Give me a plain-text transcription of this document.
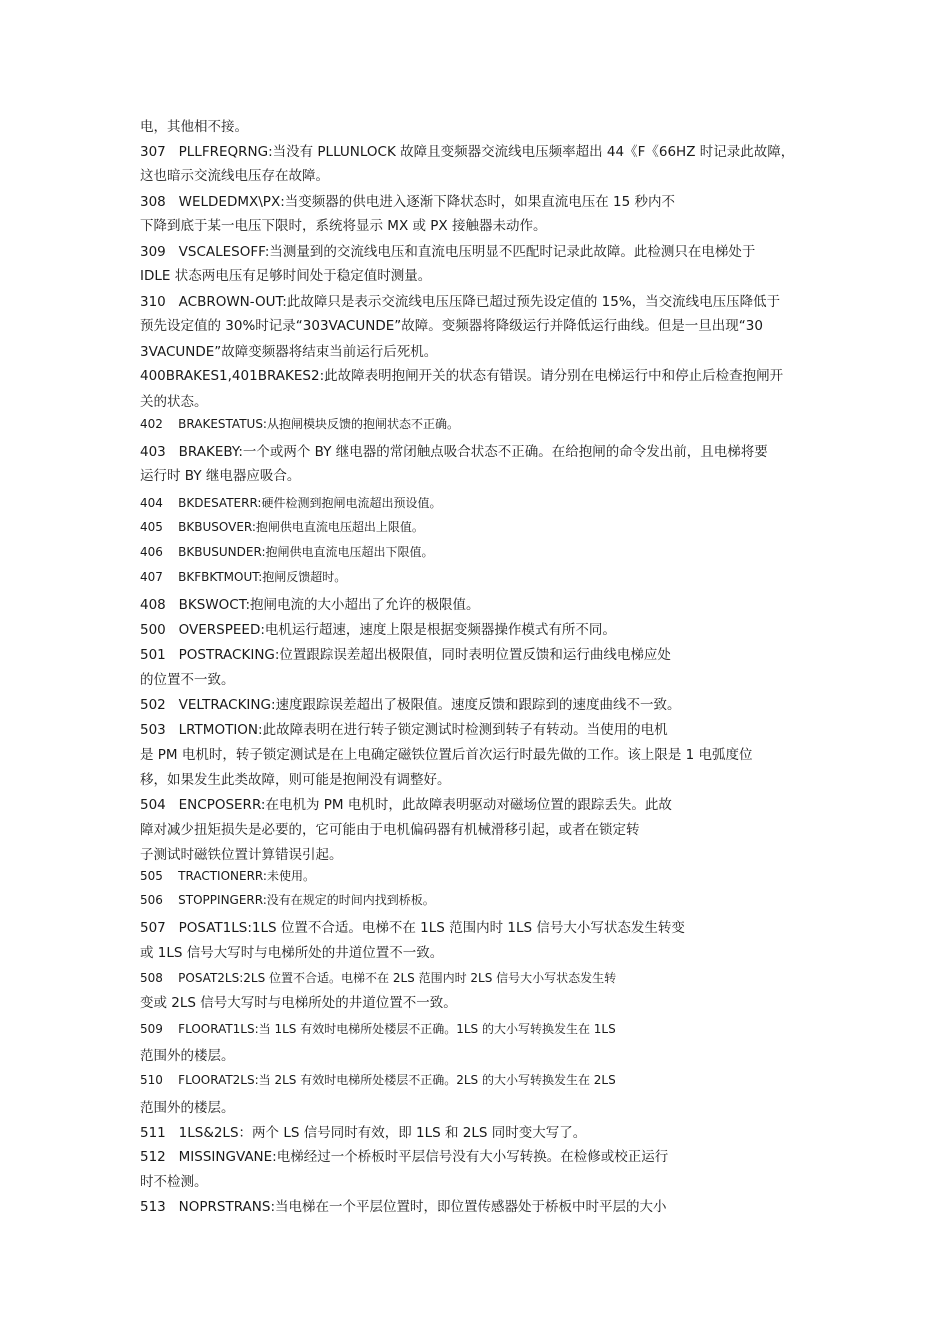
电，其他相不接。
307   PLLFREQRNG:当没有 PLLUNLOCK 故障且变频器交流线电压频率超出 44《F《66HZ 时记录此故障，
这也暗示交流线电压存在故障。
308   WELDEDMX\PX:当变频器的供电进入逐渐下降状态时，如果直流电压在 15 秒内不
下降到底于某一电压下限时，系统将显示 MX 或 PX 接触器未动作。
309   VSCALESOFF:当测量到的交流线电压和直流电压明显不匹配时记录此故障。此检测只在电梯处于
IDLE 状态两电压有足够时间处于稳定值时测量。
310   ACBROWN-OUT:此故障只是表示交流线电压压降已超过预先设定值的 15%，当交流线电压压降低于
预先设定值的 30%时记录“303VACUNDE”故障。变频器将降级运行并降低运行曲线。但是一旦出现“30
3VACUNDE”故障变频器将结束当前运行后死机。
400BRAKES1,401BRAKES2:此故障表明抱闸开关的状态有错误。请分别在电梯运行中和停止后检查抱闸开
关的状态。
402    BRAKESTATUS:从抱闸模块反馈的抱闸状态不正确。
403   BRAKEBY:一个或两个 BY 继电器的常闭触点吸合状态不正确。在给抱闸的命令发出前，且电梯将要
运行时 BY 继电器应吸合。
404    BKDESATERR:硬件检测到抱闸电流超出预设值。
405    BKBUSOVER:抱闸供电直流电压超出上限值。
406    BKBUSUNDER:抱闸供电直流电压超出下限值。
407    BKFBKTMOUT:抱闸反馈超时。
408   BKSWOCT:抱闸电流的大小超出了允许的极限值。
500   OVERSPEED:电机运行超速，速度上限是根据变频器操作模式有所不同。
501   POSTRACKING:位置跟踪误差超出极限值，同时表明位置反馈和运行曲线电梯应处
的位置不一致。
502   VELTRACKING:速度跟踪误差超出了极限值。速度反馈和跟踪到的速度曲线不一致。
503   LRTMOTION:此故障表明在进行转子锁定测试时检测到转子有转动。当使用的电机
是 PM 电机时，转子锁定测试是在上电确定磁铁位置后首次运行时最先做的工作。该上限是 1 电弧度位
移，如果发生此类故障，则可能是抱闸没有调整好。
504   ENCPOSERR:在电机为 PM 电机时，此故障表明驱动对磁场位置的跟踪丢失。此故
障对减少扭矩损失是必要的，它可能由于电机偏码器有机械滑移引起，或者在锁定转
子测试时磁铁位置计算错误引起。
505    TRACTIONERR:未使用。
506    STOPPINGERR:没有在规定的时间内找到桥板。
507   POSAT1LS:1LS 位置不合适。电梯不在 1LS 范围内时 1LS 信号大小写状态发生转变
或 1LS 信号大写时与电梯所处的井道位置不一致。
508    POSAT2LS:2LS 位置不合适。电梯不在 2LS 范围内时 2LS 信号大小写状态发生转
变或 2LS 信号大写时与电梯所处的井道位置不一致。
509    FLOORAT1LS:当 1LS 有效时电梯所处楼层不正确。1LS 的大小写转换发生在 1LS
范围外的楼层。
510    FLOORAT2LS:当 2LS 有效时电梯所处楼层不正确。2LS 的大小写转换发生在 2LS
范围外的楼层。
511   1LS&2LS：两个 LS 信号同时有效，即 1LS 和 2LS 同时变大写了。
512   MISSINGVANE:电梯经过一个桥板时平层信号没有大小写转换。在检修或校正运行
时不检测。
513   NOPRSTRANS:当电梯在一个平层位置时，即位置传感器处于桥板中时平层的大小
